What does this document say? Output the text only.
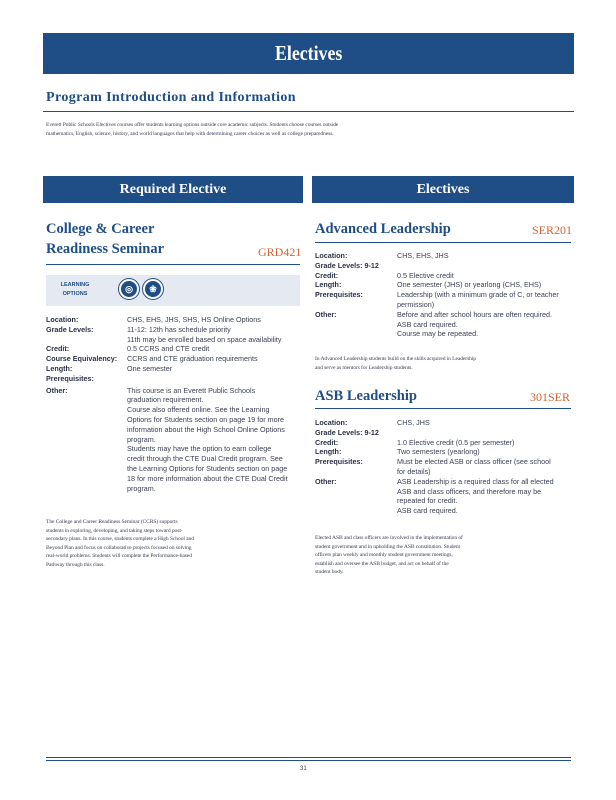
Electives
Program Introduction and Information
Everett Public Schools Electives courses offer students learning options outside core academic subjects. Students choose courses outside mathematics, English, science, history, and world languages that help with determining career choices as well as college preparedness.
Required Elective	Electives
College & Career
Readiness Seminar	GRD421
LEARNING OPTIONS
◎	❀
Location:	CHS, EHS, JHS, SHS, HS Online Options
Grade Levels:	11-12: 12th has schedule priority
11th may be enrolled based on space availability
Credit:	0.5 CCRS and CTE credit
Course Equivalency:	CCRS and CTE graduation requirements
Length:	One semester
Prerequisites:
Other:	This course is an Everett Public Schools
graduation requirement.
Course also offered online. See the Learning
Options for Students section on page 19 for more
information about the High School Online Options
program.
Students may have the option to earn college
credit through the CTE Dual Credit program. See
the Learning Options for Students section on page
18 for more information about the CTE Dual Credit
program.
The College and Career Readiness Seminar (CCRS) supports students in exploring, developing, and taking steps toward post-secondary plans. In this course, students complete a High School and Beyond Plan and focus on collaborative projects focused on solving real-world problems. Students will complete the Performance-based Pathway through this class.
Advanced Leadership	SER201
Location:	CHS, EHS, JHS
Grade Levels: 9-12
Credit:	0.5 Elective credit
Length:	One semester (JHS) or yearlong (CHS, EHS)
Prerequisites:	Leadership (with a minimum grade of C, or teacher
permission)
Other:	Before and after school hours are often required.
ASB card required.
Course may be repeated.
In Advanced Leadership students build on the skills acquired in Leadership and serve as mentors for Leadership students.
ASB Leadership	301SER
Location:	CHS, JHS
Grade Levels: 9-12
Credit:	1.0 Elective credit (0.5 per semester)
Length:	Two semesters (yearlong)
Prerequisites:	Must be elected ASB or class officer (see school
for details)
Other:	ASB Leadership is a required class for all elected
ASB and class officers, and therefore may be
repeated for credit.
ASB card required.
Elected ASB and class officers are involved in the implementation of student government and in upholding the ASB constitution. Student officers plan weekly and monthly student government meetings, establish and oversee the ASB budget, and act on behalf of the student body.
31
